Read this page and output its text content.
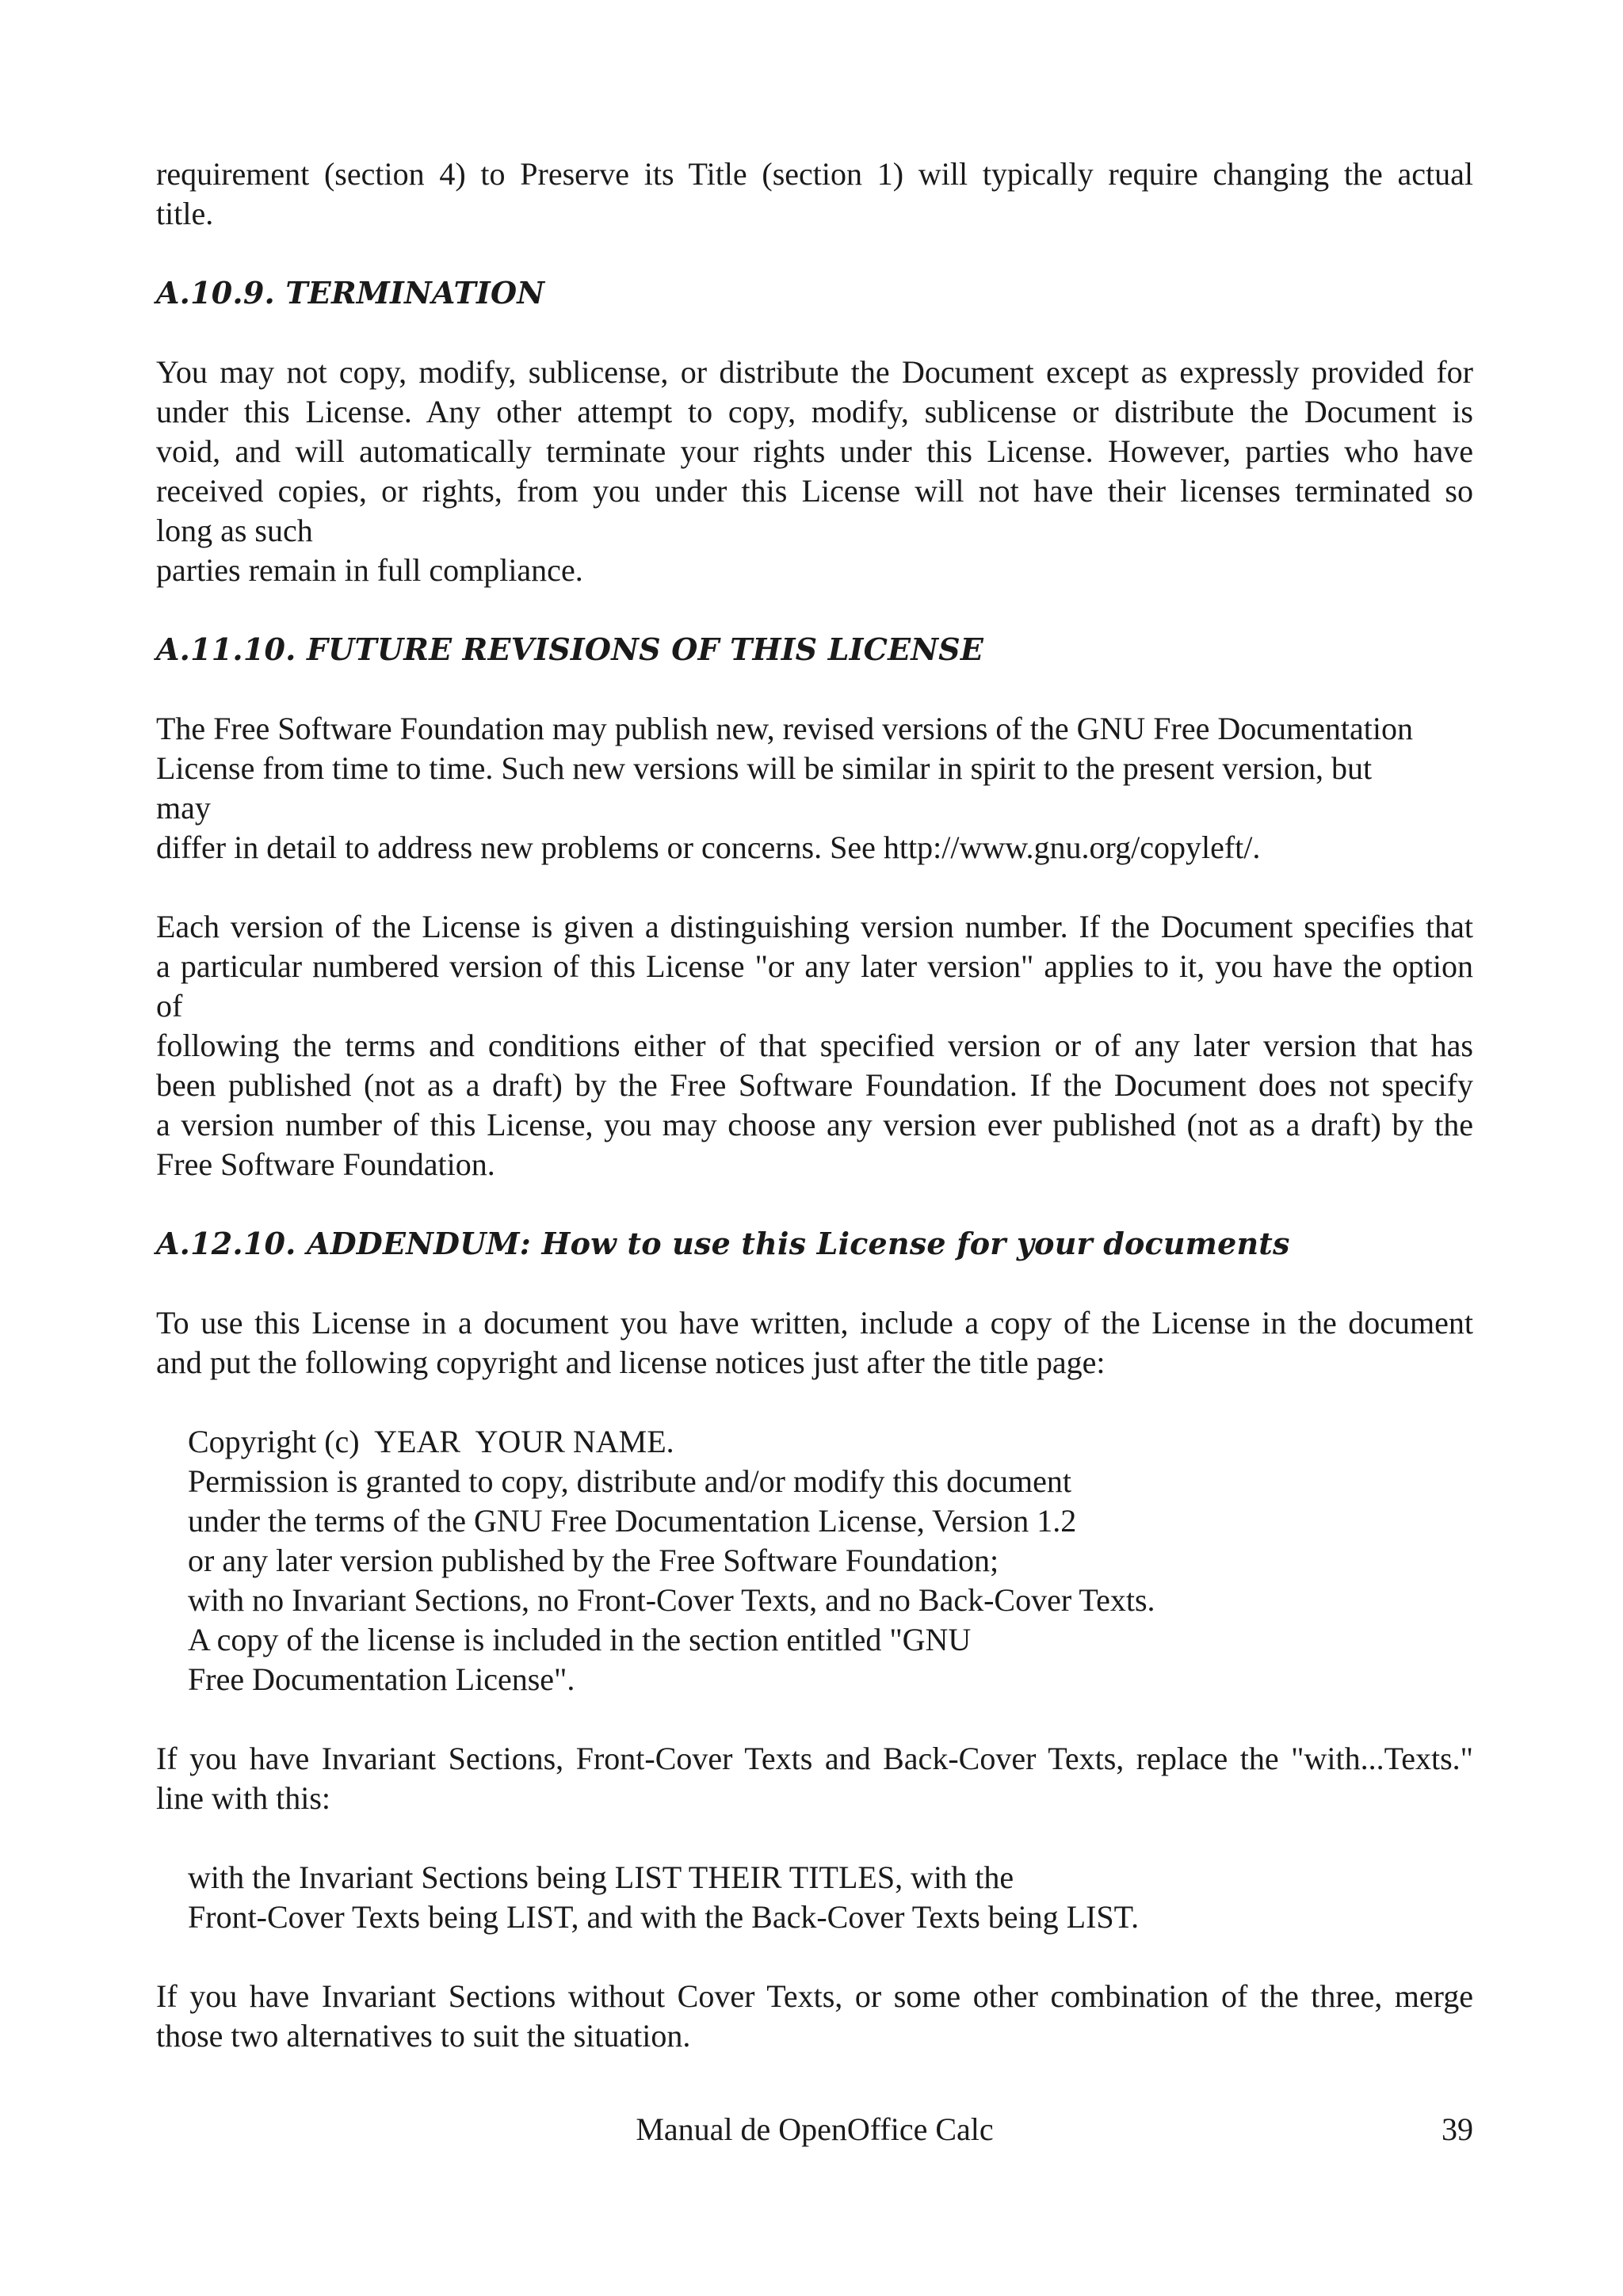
requirement (section 4) to Preserve its Title (section 1) will typically require changing the actual
title.
A.10.9. TERMINATION
You may not copy, modify, sublicense, or distribute the Document except as expressly provided for
under this License. Any other attempt to copy, modify, sublicense or distribute the Document is
void, and will automatically terminate your rights under this License. However, parties who have
received copies, or rights, from you under this License will not have their licenses terminated so
long as such
parties remain in full compliance.
A.11.10. FUTURE REVISIONS OF THIS LICENSE
The Free Software Foundation may publish new, revised versions of the GNU Free Documentation
License from time to time. Such new versions will be similar in spirit to the present version, but
may
differ in detail to address new problems or concerns. See http://www.gnu.org/copyleft/.
Each version of the License is given a distinguishing version number. If the Document specifies that
a particular numbered version of this License "or any later version" applies to it, you have the option
of
following the terms and conditions either of that specified version or of any later version that has
been published (not as a draft) by the Free Software Foundation. If the Document does not specify
a version number of this License, you may choose any version ever published (not as a draft) by the
Free Software Foundation.
A.12.10. ADDENDUM: How to use this License for your documents
To use this License in a document you have written, include a copy of the License in the document
and put the following copyright and license notices just after the title page:
Copyright (c)  YEAR  YOUR NAME.
Permission is granted to copy, distribute and/or modify this document
under the terms of the GNU Free Documentation License, Version 1.2
or any later version published by the Free Software Foundation;
with no Invariant Sections, no Front-Cover Texts, and no Back-Cover Texts.
A copy of the license is included in the section entitled "GNU
Free Documentation License".
If you have Invariant Sections, Front-Cover Texts and Back-Cover Texts, replace the "with...Texts."
line with this:
with the Invariant Sections being LIST THEIR TITLES, with the
Front-Cover Texts being LIST, and with the Back-Cover Texts being LIST.
If you have Invariant Sections without Cover Texts, or some other combination of the three, merge
those two alternatives to suit the situation.
Manual de OpenOffice Calc	39
